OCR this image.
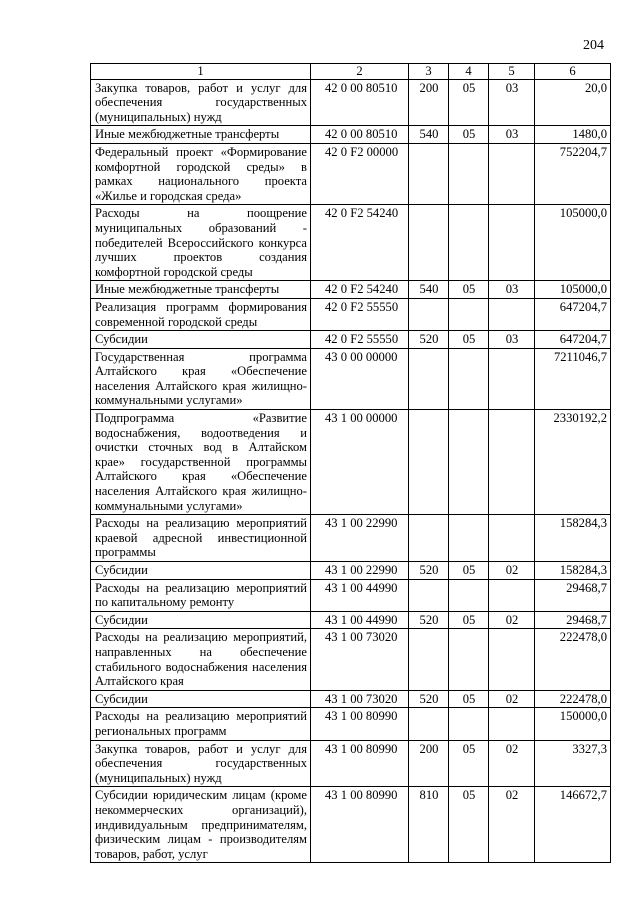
204
1	2	3	4	5	6
Закупка товаров, работ и услуг для обеспечения государственных (муниципальных) нужд	42 0 00 80510	200	05	03	20,0
Иные межбюджетные трансферты	42 0 00 80510	540	05	03	1480,0
Федеральный проект «Формирование комфортной городской среды» в рамках национального проекта «Жилье и городская среда»	42 0 F2 00000				752204,7
Расходы на поощрение муниципальных образований - победителей Всероссийского конкурса лучших проектов создания комфортной городской среды	42 0 F2 54240				105000,0
Иные межбюджетные трансферты	42 0 F2 54240	540	05	03	105000,0
Реализация программ формирования современной городской среды	42 0 F2 55550				647204,7
Субсидии	42 0 F2 55550	520	05	03	647204,7
Государственная программа Алтайского края «Обеспечение населения Алтайского края жилищно-коммунальными услугами»	43 0 00 00000				7211046,7
Подпрограмма «Развитие водоснабжения, водоотведения и очистки сточных вод в Алтайском крае» государственной программы Алтайского края «Обеспечение населения Алтайского края жилищно-коммунальными услугами»	43 1 00 00000				2330192,2
Расходы на реализацию мероприятий краевой адресной инвестиционной программы	43 1 00 22990				158284,3
Субсидии	43 1 00 22990	520	05	02	158284,3
Расходы на реализацию мероприятий по капитальному ремонту	43 1 00 44990				29468,7
Субсидии	43 1 00 44990	520	05	02	29468,7
Расходы на реализацию мероприятий, направленных на обеспечение стабильного водоснабжения населения Алтайского края	43 1 00 73020				222478,0
Субсидии	43 1 00 73020	520	05	02	222478,0
Расходы на реализацию мероприятий региональных программ	43 1 00 80990				150000,0
Закупка товаров, работ и услуг для обеспечения государственных (муниципальных) нужд	43 1 00 80990	200	05	02	3327,3
Субсидии юридическим лицам (кроме некоммерческих организаций), индивидуальным предпринимателям, физическим лицам - производителям товаров, работ, услуг	43 1 00 80990	810	05	02	146672,7
